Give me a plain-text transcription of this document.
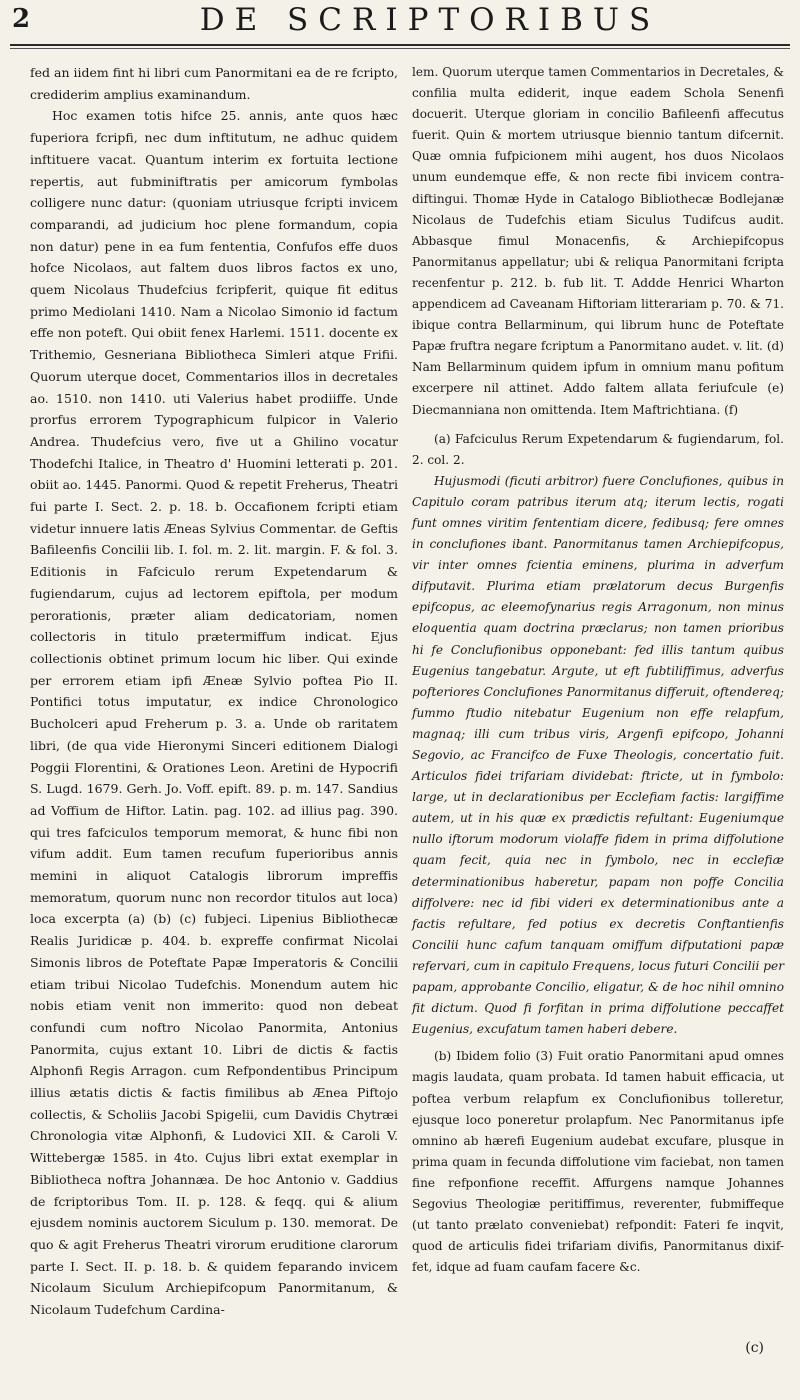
2	DE SCRIPTORIBUS

fed an iidem fint hi libri cum Panormitani ea de re fcripto, crediderim amplius examinandum.

Hoc examen totis hifce 25. annis, ante quos hæc fuperiora fcripfi, nec dum inftitutum, ne adhuc quidem inftituere vacat. Quantum interim ex fortuita lectione repertis, aut fubminiftratis per amicorum fymbolas colligere nunc datur: (quoniam utriusque fcripti invicem comparandi, ad judicium hoc plene formandum, copia non datur) pene in ea fum fententia, Confufos effe duos hofce Nicolaos, aut faltem duos libros factos ex uno, quem Nicolaus Thudefcius fcripferit, quique fit editus primo Mediolani 1410. Nam a Nicolao Simonio id factum effe non poteft. Qui obiit fenex Harlemi. 1511. docente ex Trithemio, Gesneriana Bibliotheca Simleri atque Frifii. Quorum uterque docet, Commentarios illos in decretales ao. 1510. non 1410. uti Valerius habet prodiiffe. Unde prorfus errorem Typographicum fulpicor in Valerio Andrea. Thudefcius vero, five ut a Ghilino vocatur Thodefchi Italice, in Theatro d' Huomini letterati p. 201. obiit ao. 1445. Panormi. Quod & repetit Freherus, Theatri fui parte I. Sect. 2. p. 18. b. Occafionem fcripti etiam videtur innuere latis Æneas Sylvius Commentar. de Geftis Bafileenfis Concilii lib. I. fol. m. 2. lit. margin. F. & fol. 3. Editionis in Fafciculo rerum Expetendarum & fugiendarum, cujus ad lectorem epiftola, per modum perorationis, præter aliam dedicatoriam, nomen collectoris in titulo prætermiffum indicat. Ejus collectionis obtinet primum locum hic liber. Qui exinde per errorem etiam ipfi Æneæ Sylvio poftea Pio II. Pontifici totus imputatur, ex indice Chronologico Bucholceri apud Freherum p. 3. a. Unde ob raritatem libri, (de qua vide Hieronymi Sinceri editionem Dialogi Poggii Florentini, & Orationes Leon. Aretini de Hypocrifi S. Lugd. 1679. Gerh. Jo. Voff. epift. 89. p. m. 147. Sandius ad Voffium de Hiftor. Latin. pag. 102. ad illius pag. 390. qui tres fafciculos temporum memorat, & hunc fibi non vifum addit. Eum tamen recufum fuperioribus annis memini in aliquot Catalogis librorum impreffis memoratum, quorum nunc non recordor titulos aut loca) loca excerpta (a) (b) (c) fubjeci. Lipenius Bibliothecæ Realis Juridicæ p. 404. b. expreffe confirmat Nicolai Simonis libros de Poteftate Papæ Imperatoris & Concilii etiam tribui Nicolao Tudefchis. Monendum autem hic nobis etiam venit non immerito: quod non debeat confundi cum noftro Nicolao Panormita, Antonius Panormita, cujus extant 10. Libri de dictis & factis Alphonfi Regis Arragon. cum Refpondentibus Principum illius ætatis dictis & factis fimilibus ab Ænea Piftojo collectis, & Scholiis Jacobi Spigelii, cum Davidis Chytræi Chronologia vitæ Alphonfi, & Ludovici XII. & Caroli V. Wittebergæ 1585. in 4to. Cujus libri extat exemplar in Bibliotheca noftra Johannæa. De hoc Antonio v. Gaddius de fcriptoribus Tom. II. p. 128. & feqq. qui & alium ejusdem nominis auctorem Siculum p. 130. memorat. De quo & agit Freherus Theatri virorum eruditione clarorum parte I. Sect. II. p. 18. b. & quidem feparando invicem Nicolaum Siculum Archiepifcopum Panormitanum, & Nicolaum Tudefchum Cardina-

lem. Quorum uterque tamen Commentarios in Decretales, & confilia multa ediderit, inque eadem Schola Senenfi docuerit. Uterque gloriam in concilio Bafileenfi affecutus fuerit. Quin & mortem utriusque biennio tantum difcernit. Quæ omnia fufpicionem mihi augent, hos duos Nicolaos unum eundemque effe, & non recte fibi invicem contra-diftingui. Thomæ Hyde in Catalogo Bibliothecæ Bodlejanæ Nicolaus de Tudefchis etiam Siculus Tudifcus audit. Abbasque fimul Monacenfis, & Archiepifcopus Panormitanus appellatur; ubi & reliqua Panormitani fcripta recenfentur p. 212. b. fub lit. T. Addde Henrici Wharton appendicem ad Caveanam Hiftoriam litterariam p. 70. & 71. ibique contra Bellarminum, qui librum hunc de Poteftate Papæ fruftra negare fcriptum a Panormitano audet. v. lit. (d) Nam Bellarminum quidem ipfum in omnium manu pofitum excerpere nil attinet. Addo faltem allata feriufcule (e) Diecmanniana non omittenda. Item Maftrichtiana. (f)

(a) Fafciculus Rerum Expetendarum & fugiendarum, fol. 2. col. 2.

Hujusmodi (ficuti arbitror) fuere Conclufiones, quibus in Capitulo coram patribus iterum atq; iterum lectis, rogati funt omnes viritim fententiam dicere, fedibusq; fere omnes in conclufiones ibant. Panormitanus tamen Archiepifcopus, vir inter omnes fcientia eminens, plurima in adverfum difputavit. Plurima etiam prælatorum decus Burgenfis epifcopus, ac eleemofynarius regis Arragonum, non minus eloquentia quam doctrina præclarus; non tamen prioribus hi fe Conclufionibus opponebant: fed illis tantum quibus Eugenius tangebatur. Argute, ut eft fubtiliffimus, adverfus pofteriores Conclufiones Panormitanus differuit, oftendereq; fummo ftudio nitebatur Eugenium non effe relapfum, magnaq; illi cum tribus viris, Argenfi epifcopo, Johanni Segovio, ac Francifco de Fuxe Theologis, concertatio fuit. Articulos fidei trifariam dividebat: ftricte, ut in fymbolo: large, ut in declarationibus per Ecclefiam factis: largiffime autem, ut in his quæ ex prædictis refultant: Eugeniumque nullo iftorum modorum violaffe fidem in prima diffolutione quam fecit, quia nec in fymbolo, nec in ecclefiæ determinationibus haberetur, papam non poffe Concilia diffolvere: nec id fibi videri ex determinationibus ante a factis refultare, fed potius ex decretis Conftantienfis Concilii hunc cafum tanquam omiffum difputationi papæ refervari, cum in capitulo Frequens, locus futuri Concilii per papam, approbante Concilio, eligatur, & de hoc nihil omnino fit dictum. Quod fi forfitan in prima diffolutione peccaffet Eugenius, excufatum tamen haberi debere.

(b) Ibidem folio (3) Fuit oratio Panormitani apud omnes magis laudata, quam probata. Id tamen habuit efficacia, ut poftea verbum relapfum ex Conclufionibus tolleretur, ejusque loco poneretur prolapfum. Nec Panormitanus ipfe omnino ab hærefi Eugenium audebat excufare, plusque in prima quam in fecunda diffolutione vim faciebat, non tamen fine refponfione receffit. Affurgens namque Johannes Segovius Theologiæ peritiffimus, reverenter, fubmiffeque (ut tanto prælato conveniebat) refpondit: Fateri fe inqvit, quod de articulis fidei trifariam divifis, Panormitanus dixif- fet, idque ad fuam caufam facere &c.

(c)
